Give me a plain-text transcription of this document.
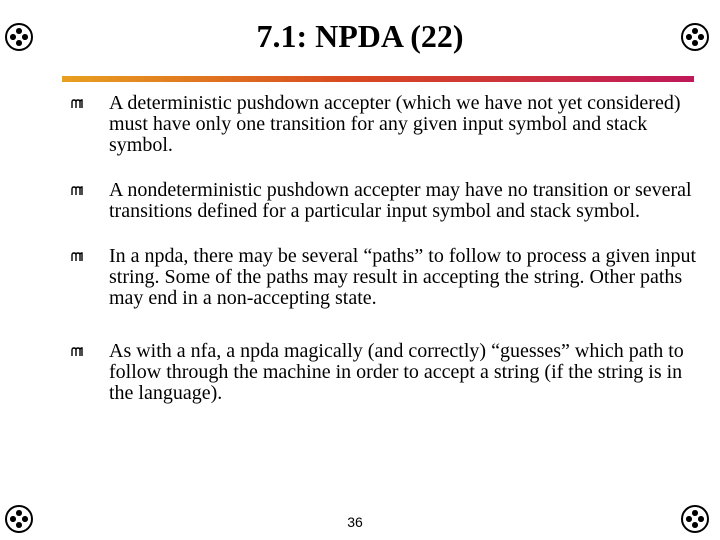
7.1: NPDA (22)
A deterministic pushdown accepter (which we have not yet considered) must have only one transition for any given input symbol and stack symbol.
A nondeterministic pushdown accepter may have no transition or several transitions defined for a particular input symbol and stack symbol.
In a npda, there may be several “paths” to follow to process a given input string. Some of the paths may result in accepting the string. Other paths may end in a non-accepting state.
As with a nfa, a npda magically (and correctly) “guesses” which path to follow through the machine in order to accept a string (if the string is in the language).
36
